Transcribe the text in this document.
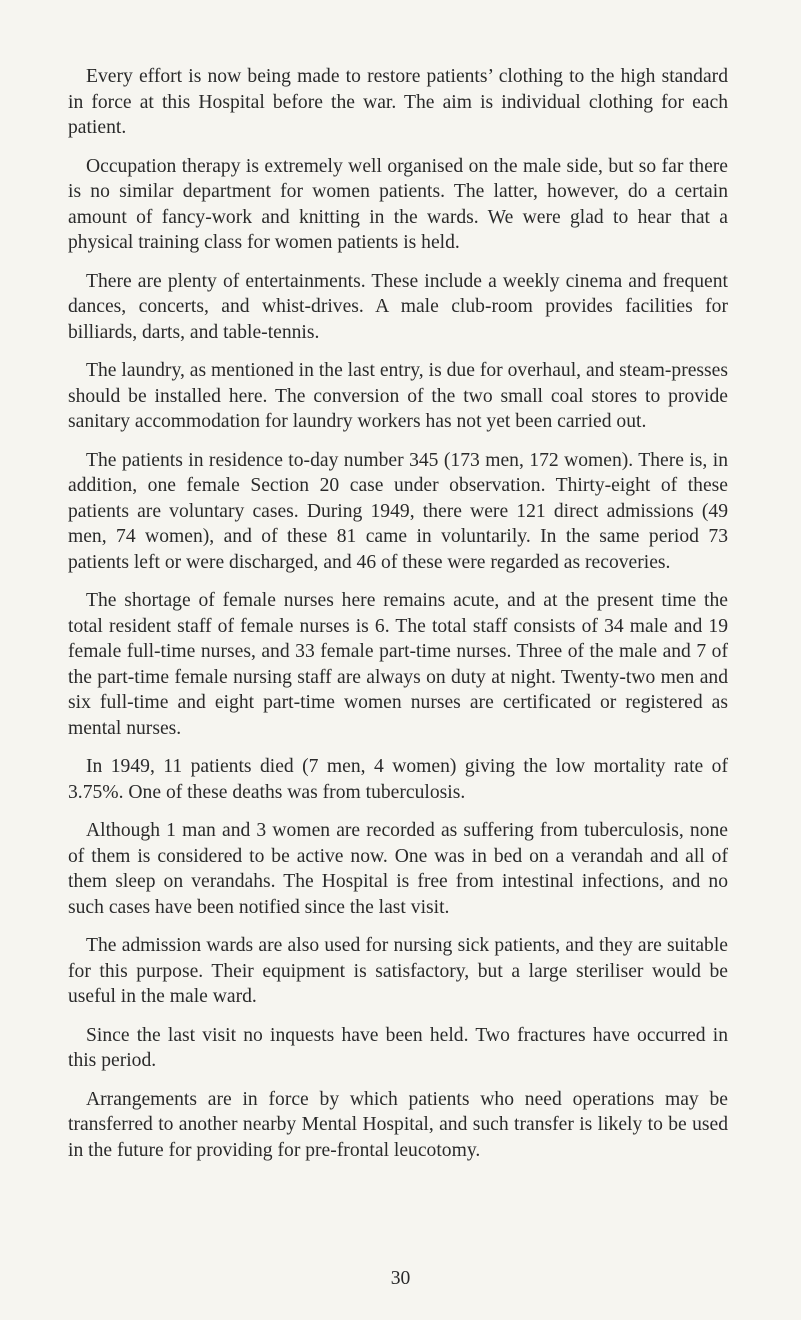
Every effort is now being made to restore patients’ clothing to the high standard in force at this Hospital before the war. The aim is individual clothing for each patient.

Occupation therapy is extremely well organised on the male side, but so far there is no similar department for women patients. The latter, however, do a certain amount of fancy-work and knitting in the wards. We were glad to hear that a physical training class for women patients is held.

There are plenty of entertainments. These include a weekly cinema and frequent dances, concerts, and whist-drives. A male club-room provides facilities for billiards, darts, and table-tennis.

The laundry, as mentioned in the last entry, is due for overhaul, and steam-presses should be installed here. The conversion of the two small coal stores to provide sanitary accommodation for laundry workers has not yet been carried out.

The patients in residence to-day number 345 (173 men, 172 women). There is, in addition, one female Section 20 case under observation. Thirty-eight of these patients are voluntary cases. During 1949, there were 121 direct admissions (49 men, 74 women), and of these 81 came in voluntarily. In the same period 73 patients left or were discharged, and 46 of these were regarded as recoveries.

The shortage of female nurses here remains acute, and at the present time the total resident staff of female nurses is 6. The total staff consists of 34 male and 19 female full-time nurses, and 33 female part-time nurses. Three of the male and 7 of the part-time female nursing staff are always on duty at night. Twenty-two men and six full-time and eight part-time women nurses are certificated or registered as mental nurses.

In 1949, 11 patients died (7 men, 4 women) giving the low mortality rate of 3.75%. One of these deaths was from tuberculosis.

Although 1 man and 3 women are recorded as suffering from tuberculosis, none of them is considered to be active now. One was in bed on a verandah and all of them sleep on verandahs. The Hospital is free from intestinal infections, and no such cases have been notified since the last visit.

The admission wards are also used for nursing sick patients, and they are suitable for this purpose. Their equipment is satisfactory, but a large steriliser would be useful in the male ward.

Since the last visit no inquests have been held. Two fractures have occurred in this period.

Arrangements are in force by which patients who need operations may be transferred to another nearby Mental Hospital, and such transfer is likely to be used in the future for providing for pre-frontal leucotomy.

30
